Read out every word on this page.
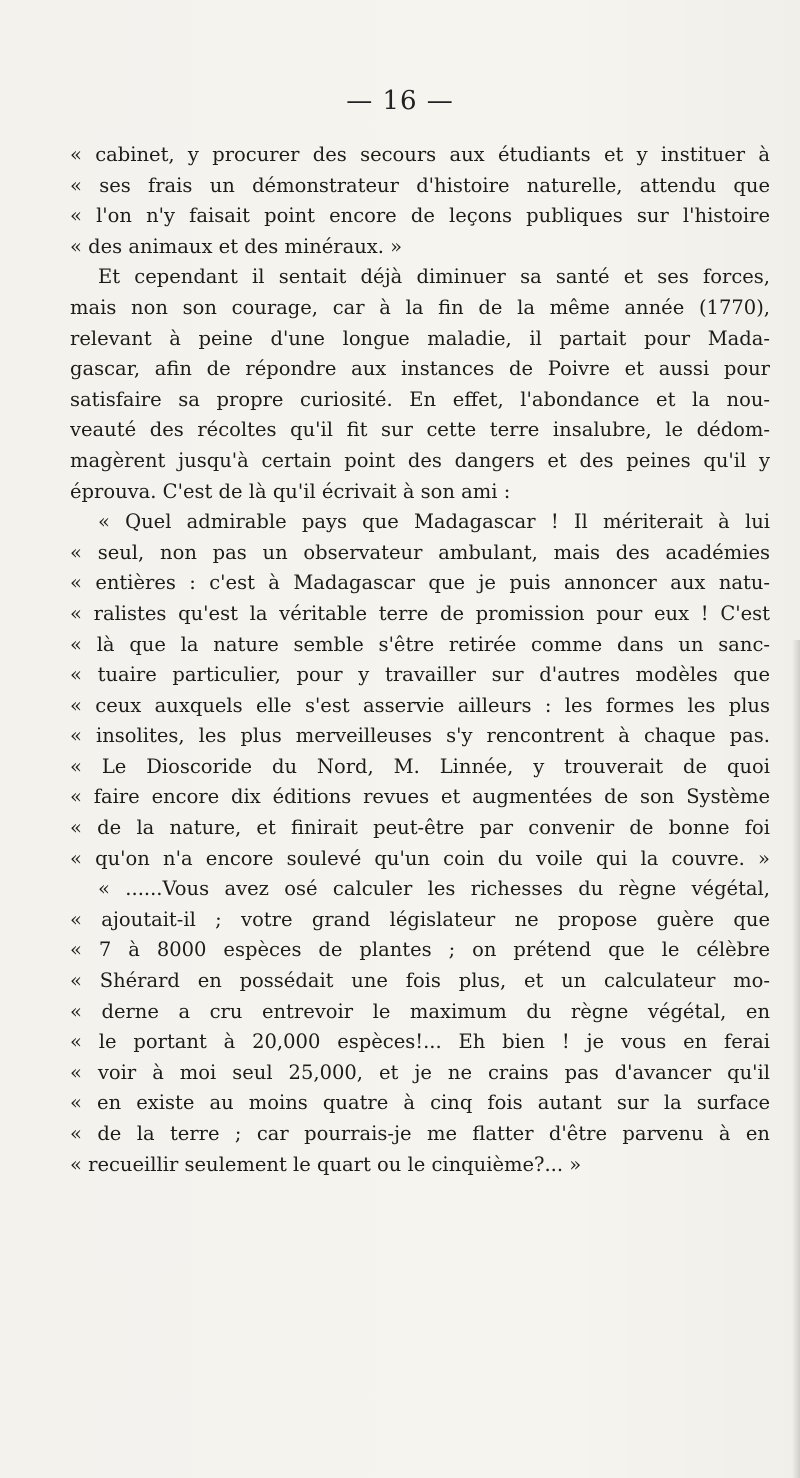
— 16 —
« cabinet, y procurer des secours aux étudiants et y instituer à
« ses frais un démonstrateur d'histoire naturelle, attendu que
« l'on n'y faisait point encore de leçons publiques sur l'histoire
« des animaux et des minéraux. »
Et cependant il sentait déjà diminuer sa santé et ses forces,
mais non son courage, car à la fin de la même année (1770),
relevant à peine d'une longue maladie, il partait pour Mada-
gascar, afin de répondre aux instances de Poivre et aussi pour
satisfaire sa propre curiosité. En effet, l'abondance et la nou-
veauté des récoltes qu'il fit sur cette terre insalubre, le dédom-
magèrent jusqu'à certain point des dangers et des peines qu'il y
éprouva. C'est de là qu'il écrivait à son ami :
« Quel admirable pays que Madagascar ! Il mériterait à lui
« seul, non pas un observateur ambulant, mais des académies
« entières : c'est à Madagascar que je puis annoncer aux natu-
« ralistes qu'est la véritable terre de promission pour eux ! C'est
« là que la nature semble s'être retirée comme dans un sanc-
« tuaire particulier, pour y travailler sur d'autres modèles que
« ceux auxquels elle s'est asservie ailleurs : les formes les plus
« insolites, les plus merveilleuses s'y rencontrent à chaque pas.
« Le Dioscoride du Nord, M. Linnée, y trouverait de quoi
« faire encore dix éditions revues et augmentées de son Système
« de la nature, et finirait peut-être par convenir de bonne foi
« qu'on n'a encore soulevé qu'un coin du voile qui la couvre. »
« ......Vous avez osé calculer les richesses du règne végétal,
« ajoutait-il ; votre grand législateur ne propose guère que
« 7 à 8000 espèces de plantes ; on prétend que le célèbre
« Shérard en possédait une fois plus, et un calculateur mo-
« derne a cru entrevoir le maximum du règne végétal, en
« le portant à 20,000 espèces!... Eh bien ! je vous en ferai
« voir à moi seul 25,000, et je ne crains pas d'avancer qu'il
« en existe au moins quatre à cinq fois autant sur la surface
« de la terre ; car pourrais-je me flatter d'être parvenu à en
« recueillir seulement le quart ou le cinquième?... »
